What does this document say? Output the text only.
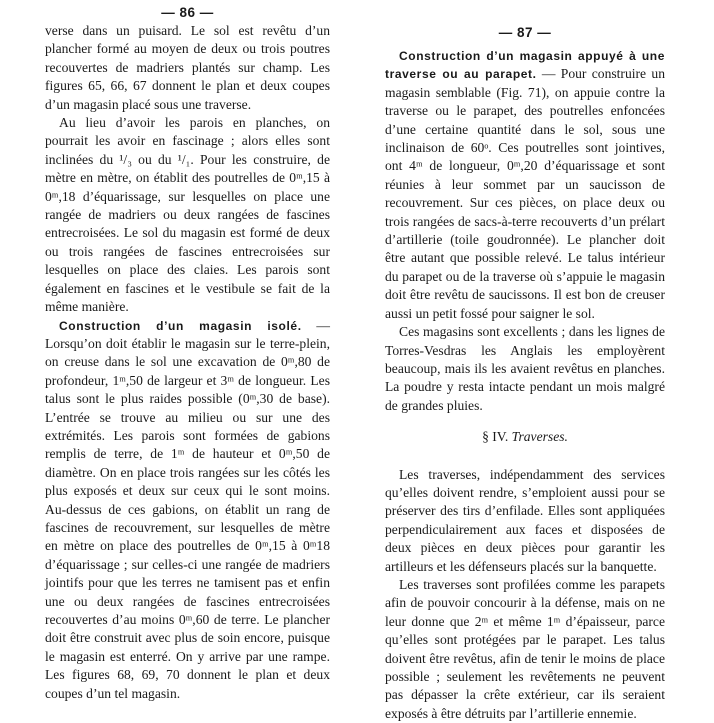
— 86 —

verse dans un puisard. Le sol est revêtu d’un plancher formé au moyen de deux ou trois poutres recouvertes de madriers plantés sur champ. Les figures 65, 66, 67 donnent le plan et deux coupes d’un magasin placé sous une traverse.

Au lieu d’avoir les parois en planches, on pourrait les avoir en fascinage ; alors elles sont inclinées du ¹/₃ ou du ¹/₁. Pour les construire, de mètre en mètre, on établit des poutrelles de 0ᵐ,15 à 0ᵐ,18 d’équarissage, sur lesquelles on place une rangée de madriers ou deux rangées de fascines entrecroisées. Le sol du magasin est formé de deux ou trois rangées de fascines entrecroisées sur lesquelles on place des claies. Les parois sont également en fascines et le vestibule se fait de la même manière.

Construction d’un magasin isolé. — Lorsqu’on doit établir le magasin sur le terre-plein, on creuse dans le sol une excavation de 0ᵐ,80 de profondeur, 1ᵐ,50 de largeur et 3ᵐ de longueur. Les talus sont le plus raides possible (0ᵐ,30 de base). L’entrée se trouve au milieu ou sur une des extrémités. Les parois sont formées de gabions remplis de terre, de 1ᵐ de hauteur et 0ᵐ,50 de diamètre. On en place trois rangées sur les côtés les plus exposés et deux sur ceux qui le sont moins. Au-dessus de ces gabions, on établit un rang de fascines de recouvrement, sur lesquelles de mètre en mètre on place des poutrelles de 0ᵐ,15 à 0ᵐ18 d’équarissage ; sur celles-ci une rangée de madriers jointifs pour que les terres ne tamisent pas et enfin une ou deux rangées de fascines entrecroisées recouvertes d’au moins 0ᵐ,60 de terre. Le plancher doit être construit avec plus de soin encore, puisque le magasin est enterré. On y arrive par une rampe. Les figures 68, 69, 70 donnent le plan et deux coupes d’un tel magasin.

— 87 —

Construction d’un magasin appuyé à une traverse ou au parapet. — Pour construire un magasin semblable (Fig. 71), on appuie contre la traverse ou le parapet, des poutrelles enfoncées d’une certaine quantité dans le sol, sous une inclinaison de 60ᵒ. Ces poutrelles sont jointives, ont 4ᵐ de longueur, 0ᵐ,20 d’équarissage et sont réunies à leur sommet par un saucisson de recouvrement. Sur ces pièces, on place deux ou trois rangées de sacs-à-terre recouverts d’un prélart d’artillerie (toile goudronnée). Le plancher doit être autant que possible relevé. Le talus intérieur du parapet ou de la traverse où s’appuie le magasin doit être revêtu de saucissons. Il est bon de creuser aussi un petit fossé pour saigner le sol.

Ces magasins sont excellents ; dans les lignes de Torres-Vesdras les Anglais les employèrent beaucoup, mais ils les avaient revêtus en planches. La poudre y resta intacte pendant un mois malgré de grandes pluies.

§ IV. Traverses.

Les traverses, indépendamment des services qu’elles doivent rendre, s’emploient aussi pour se préserver des tirs d’enfilade. Elles sont appliquées perpendiculairement aux faces et disposées de deux pièces en deux pièces pour garantir les artilleurs et les défenseurs placés sur la banquette.

Les traverses sont profilées comme les parapets afin de pouvoir concourir à la défense, mais on ne leur donne que 2ᵐ et même 1ᵐ d’épaisseur, parce qu’elles sont protégées par le parapet. Les talus doivent être revêtus, afin de tenir le moins de place possible ; seulement les revêtements ne peuvent pas dépasser la crête extérieur, car ils seraient exposés à être détruits par l’artillerie ennemie.
